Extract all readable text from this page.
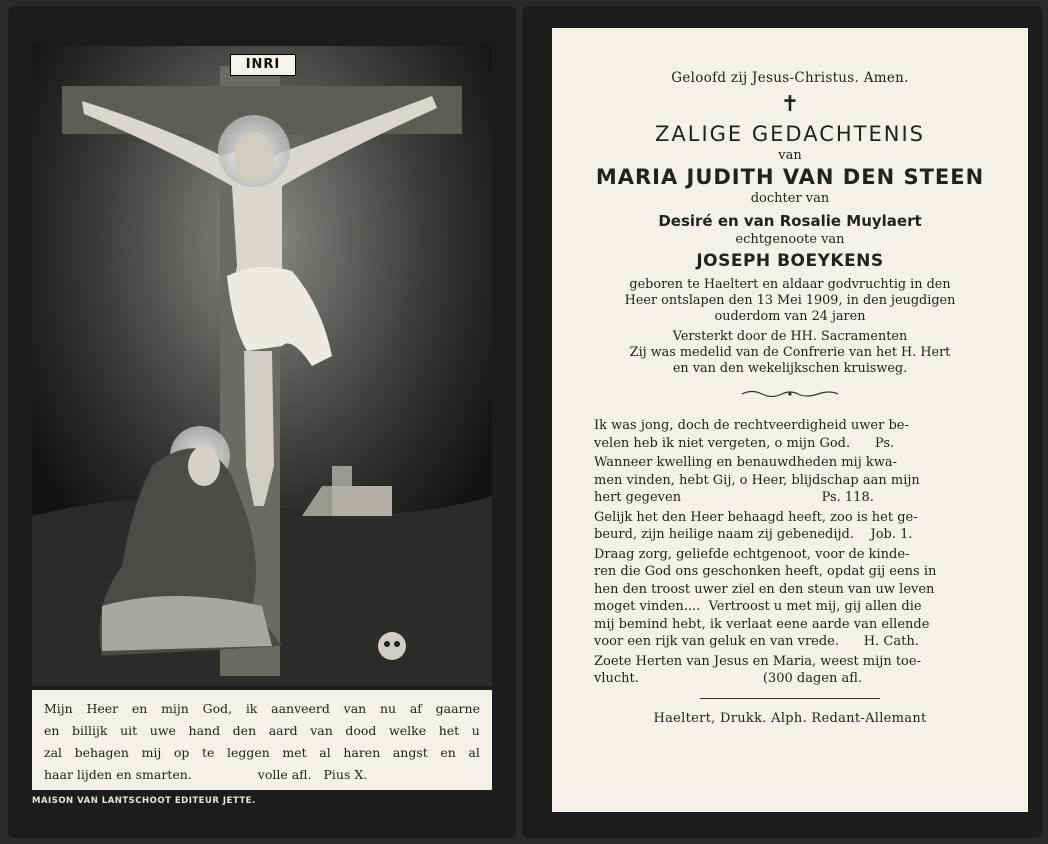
INRI
Mijn Heer en mijn God, ik aanveerd van nu af gaarne
en billijk uit uwe hand den aard van dood welke het u
zal behagen mij op te leggen met al haren angst en al
haar lijden en smarten.	volle afl. Pius X.
MAISON VAN LANTSCHOOT EDITEUR JETTE.
Geloofd zij Jesus-Christus. Amen.
✝
ZALIGE GEDACHTENIS
van
MARIA JUDITH VAN DEN STEEN
dochter van
Desiré en van Rosalie Muylaert
echtgenoote van
JOSEPH BOEYKENS
geboren te Haeltert en aldaar godvruchtig in den
Heer ontslapen den 13 Mei 1909, in den jeugdigen
ouderdom van 24 jaren
Versterkt door de HH. Sacramenten
Zij was medelid van de Confrerie van het H. Hert
en van den wekelijkschen kruisweg.
Ik was jong, doch de rechtveerdigheid uwer be-
velen heb ik niet vergeten, o mijn God.      Ps.
Wanneer kwelling en benauwdheden mij kwa-
men vinden, hebt Gij, o Heer, blijdschap aan mijn
hert gegeven                                  Ps. 118.
Gelijk het den Heer behaagd heeft, zoo is het ge-
beurd, zijn heilige naam zij gebenedijd.    Job. 1.
Draag zorg, geliefde echtgenoot, voor de kinde-
ren die God ons geschonken heeft, opdat gij eens in
hen den troost uwer ziel en den steun van uw leven
moget vinden....  Vertroost u met mij, gij allen die
mij bemind hebt, ik verlaat eene aarde van ellende
voor een rijk van geluk en van vrede.      H. Cath.
Zoete Herten van Jesus en Maria, weest mijn toe-
vlucht.                              (300 dagen afl.
Haeltert, Drukk. Alph. Redant-Allemant
